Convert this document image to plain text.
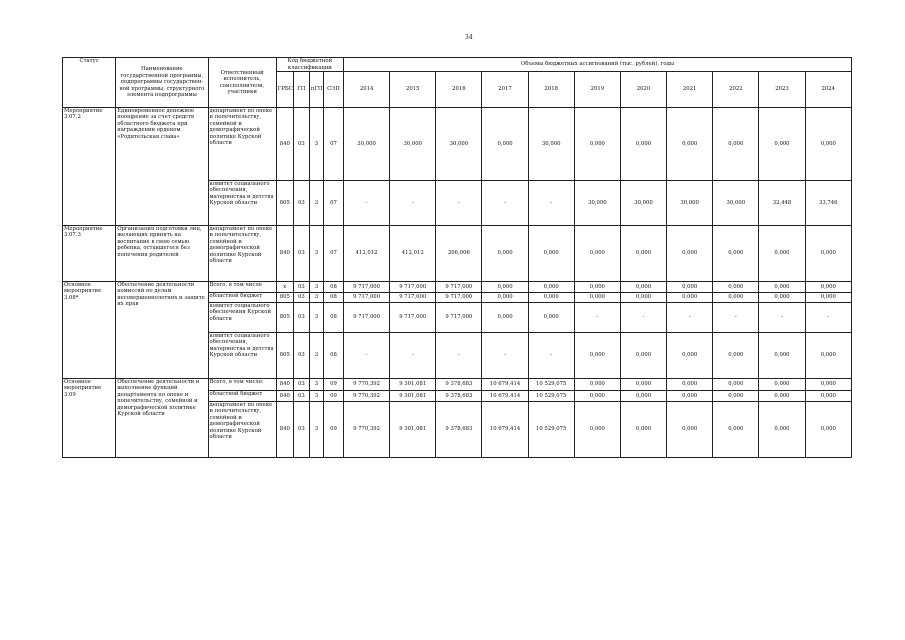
34
Статус	Наименование государственной программы, подпрограммы государственной программы, структурного элемента подпрограммы	Ответственный исполнитель, соисполнители, участники	Код бюджетной классификации				Объемы бюджетных ассигнований (тыс. рублей), годы										
			ГРБС	ГП	пГП	СЭП	2014	2015	2016	2017	2018	2019	2020	2021	2022	2023	2024
Мероприятие 3.07.2	Единовременное денежное поощрение за счет средств областного бюджета при награждении орденом «Родительская слава»	департамент по опеке и попечительству, семейной и демографической политике Курской области	840	03	3	07	30,000	30,000	30,000	0,000	30,000	0,000	0,000	0,000	0,000	0,000	0,000
		комитет социального обеспечения, материнства и детства Курской области	805	03	3	07	-	-	-	-	-	30,000	30,000	30,000	30,000	32,448	33,746
Мероприятие 3.07.3	Организация подготовки лиц, желающих принять на воспитание в свою семью ребенка, оставшегося без попечения родителей	департамент по опеке и попечительству, семейной и демографической политике Курской области	840	03	3	07	412,012	412,012	206,006	0,000	0,000	0,000	0,000	0,000	0,000	0,000	0,000
Основное мероприятие 3.08*	Обеспечение деятельности комиссий по делам несовершеннолетних и защите их прав	Всего, в том числе	x	03	3	08	9 717,000	9 717,000	9 717,000	0,000	0,000	0,000	0,000	0,000	0,000	0,000	0,000
		областной бюджет	805	03	3	08	9 717,000	9 717,000	9 717,000	0,000	0,000	0,000	0,000	0,000	0,000	0,000	0,000
		комитет социального обеспечения Курской области	805	03	3	08	9 717,000	9 717,000	9 717,000	0,000	0,000	-	-	-	-	-	-
		комитет социального обеспечения, материнства и детства Курской области	805	03	3	08	-	-	-	-	-	0,000	0,000	0,000	0,000	0,000	0,000
Основное мероприятие 3.09	Обеспечение деятельности и выполнение функций департамента по опеке и попечительству, семейной и демографической политике Курской области	Всего, в том числе:	840	03	3	09	9 770,392	9 301,081	9 378,683	10 679,414	10 529,075	0,000	0,000	0,000	0,000	0,000	0,000
		областной бюджет	840	03	3	09	9 770,392	9 301,081	9 378,683	10 679,414	10 529,075	0,000	0,000	0,000	0,000	0,000	0,000
		департамент по опеке и попечительству, семейной и демографической политике Курской области	840	03	3	09	9 770,392	9 301,081	9 378,683	10 679,414	10 529,075	0,000	0,000	0,000	0,000	0,000	0,000
